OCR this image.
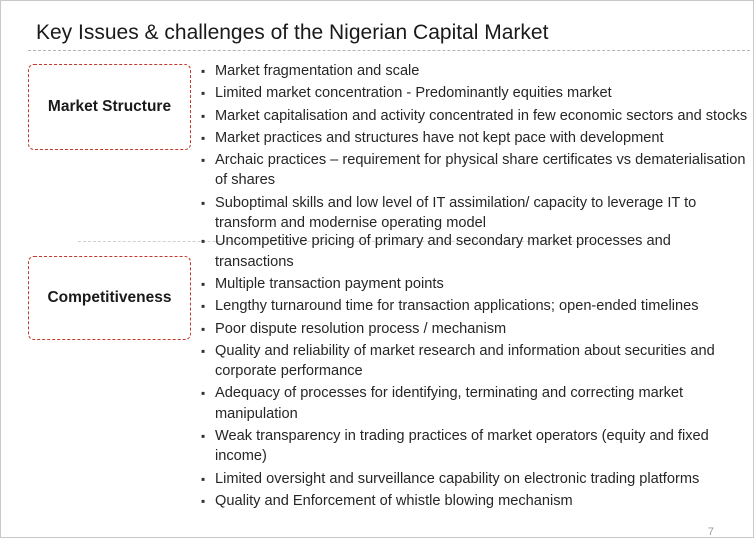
Key Issues & challenges of the Nigerian Capital Market
Market Structure
Competitiveness
▪ Market fragmentation and scale
▪ Limited market concentration - Predominantly equities market
▪ Market capitalisation and activity concentrated in few economic sectors and stocks
▪ Market practices and structures have not kept pace with development
▪ Archaic practices – requirement for physical share certificates vs dematerialisation of shares
▪ Suboptimal skills and low level of IT assimilation/ capacity to leverage IT to transform and modernise operating model
▪ Uncompetitive pricing of primary and secondary market processes and transactions
▪ Multiple transaction payment points
▪ Lengthy turnaround time for transaction applications; open-ended timelines
▪ Poor dispute resolution process / mechanism
▪ Quality and reliability of market research and information about securities and corporate performance
▪ Adequacy of processes for identifying, terminating and correcting market manipulation
▪ Weak transparency in trading practices of market operators (equity and fixed income)
▪ Limited oversight and surveillance capability on electronic trading platforms
▪ Quality and Enforcement of whistle blowing mechanism
7
